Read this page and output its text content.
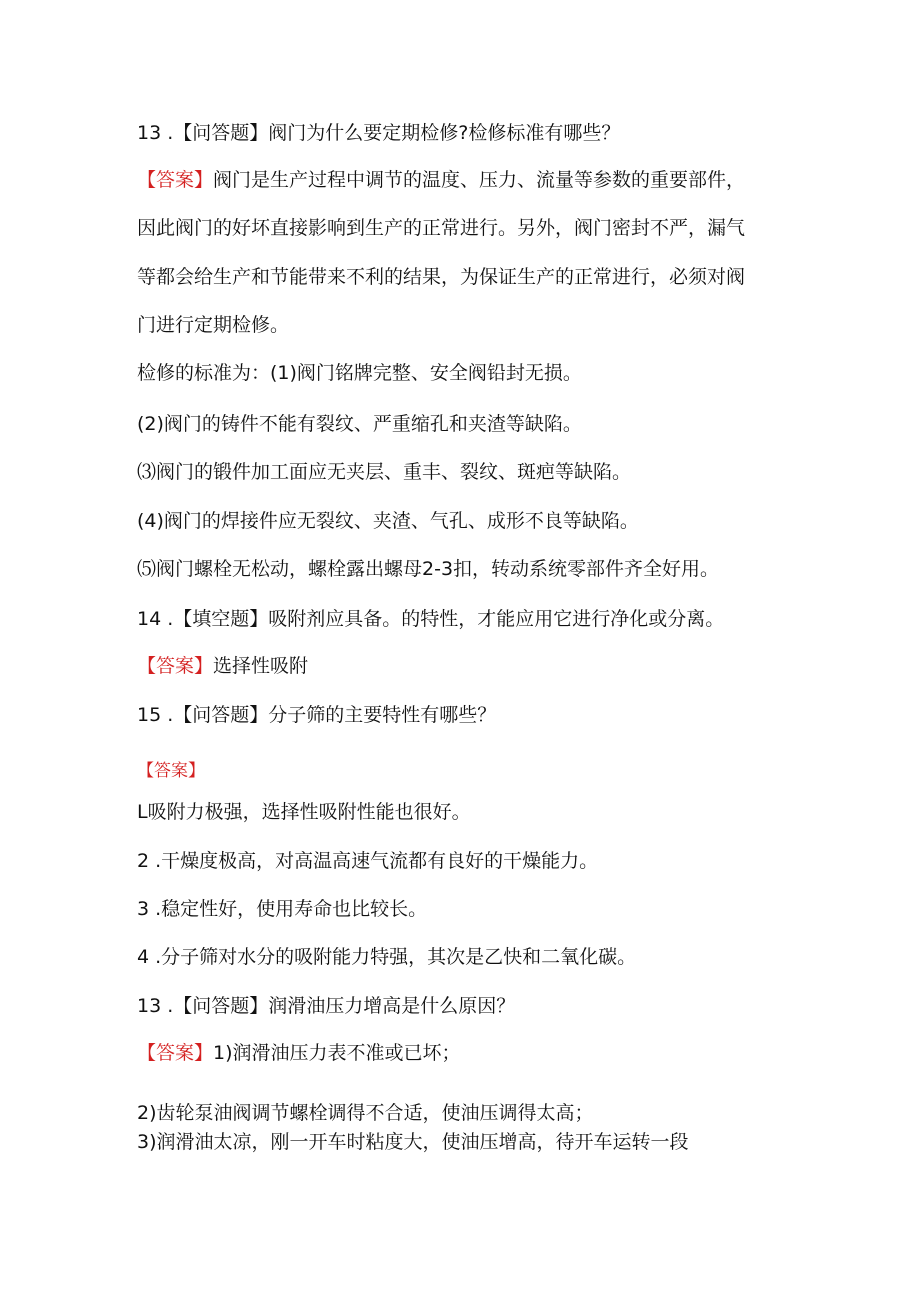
13 .【问答题】阀门为什么要定期检修?检修标准有哪些？
【答案】阀门是生产过程中调节的温度、压力、流量等参数的重要部件，
因此阀门的好坏直接影响到生产的正常进行。另外，阀门密封不严，漏气
等都会给生产和节能带来不利的结果，为保证生产的正常进行，必须对阀
门进行定期检修。
检修的标准为：(1)阀门铭牌完整、安全阀铅封无损。
(2)阀门的铸件不能有裂纹、严重缩孔和夹渣等缺陷。
⑶阀门的锻件加工面应无夹层、重丰、裂纹、斑疤等缺陷。
(4)阀门的焊接件应无裂纹、夹渣、气孔、成形不良等缺陷。
⑸阀门螺栓无松动，螺栓露出螺母2-3扣，转动系统零部件齐全好用。
14 .【填空题】吸附剂应具备。的特性，才能应用它进行净化或分离。
【答案】选择性吸附
15 .【问答题】分子筛的主要特性有哪些？
【答案】
L吸附力极强，选择性吸附性能也很好。
2 .干燥度极高，对高温高速气流都有良好的干燥能力。
3 .稳定性好，使用寿命也比较长。
4 .分子筛对水分的吸附能力特强，其次是乙快和二氧化碳。
13 .【问答题】润滑油压力增高是什么原因？
【答案】1)润滑油压力表不准或已坏；
2)齿轮泵油阀调节螺栓调得不合适，使油压调得太高；
3)润滑油太凉，刚一开车时粘度大，使油压增高，待开车运转一段
